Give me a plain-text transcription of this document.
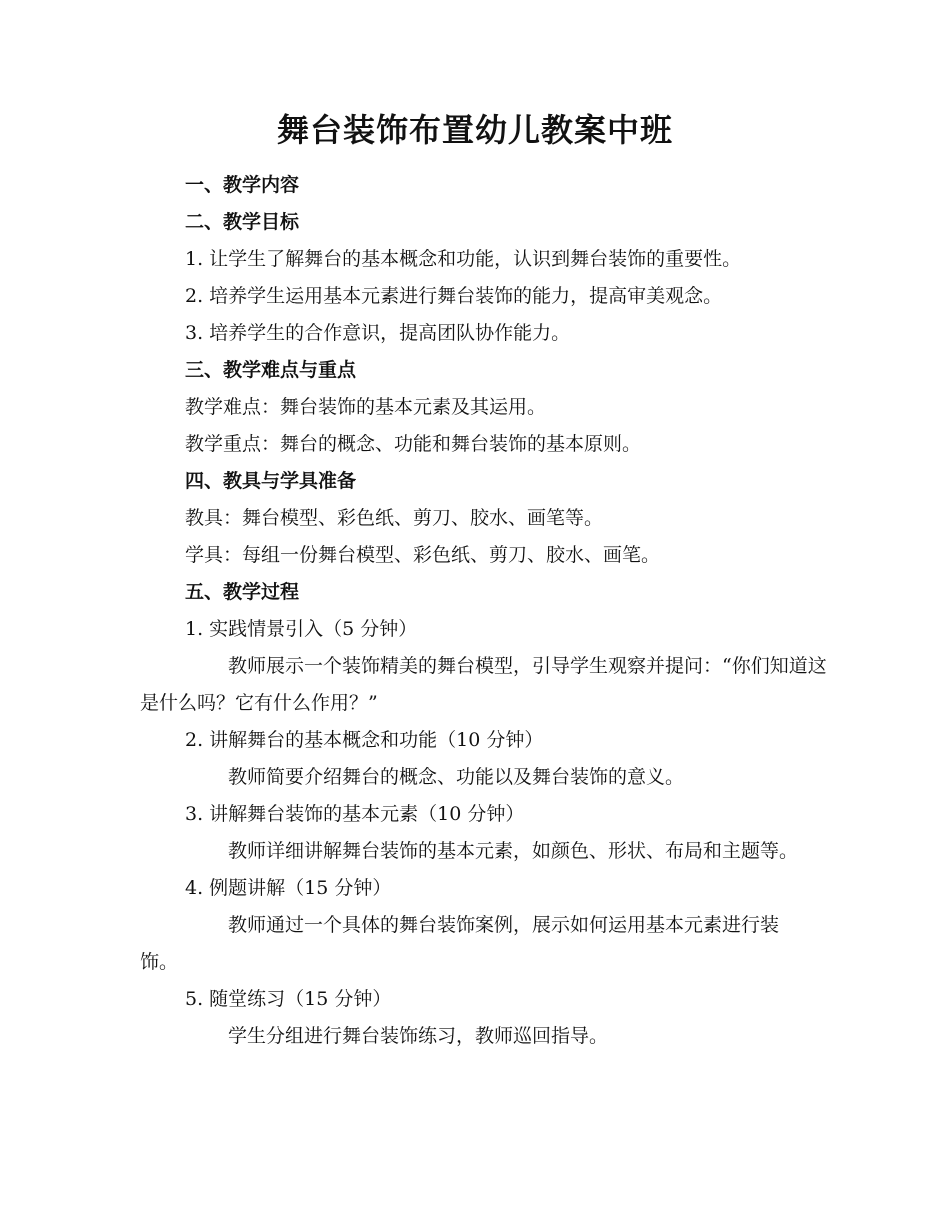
舞台装饰布置幼儿教案中班

一、教学内容

二、教学目标

1. 让学生了解舞台的基本概念和功能，认识到舞台装饰的重要性。

2. 培养学生运用基本元素进行舞台装饰的能力，提高审美观念。

3. 培养学生的合作意识，提高团队协作能力。

三、教学难点与重点

教学难点：舞台装饰的基本元素及其运用。

教学重点：舞台的概念、功能和舞台装饰的基本原则。

四、教具与学具准备

教具：舞台模型、彩色纸、剪刀、胶水、画笔等。

学具：每组一份舞台模型、彩色纸、剪刀、胶水、画笔。

五、教学过程

1. 实践情景引入（5 分钟）

教师展示一个装饰精美的舞台模型，引导学生观察并提问：“你们知道这是什么吗？它有什么作用？”

2. 讲解舞台的基本概念和功能（10 分钟）

教师简要介绍舞台的概念、功能以及舞台装饰的意义。

3. 讲解舞台装饰的基本元素（10 分钟）

教师详细讲解舞台装饰的基本元素，如颜色、形状、布局和主题等。

4. 例题讲解（15 分钟）

教师通过一个具体的舞台装饰案例，展示如何运用基本元素进行装饰。

5. 随堂练习（15 分钟）

学生分组进行舞台装饰练习，教师巡回指导。
